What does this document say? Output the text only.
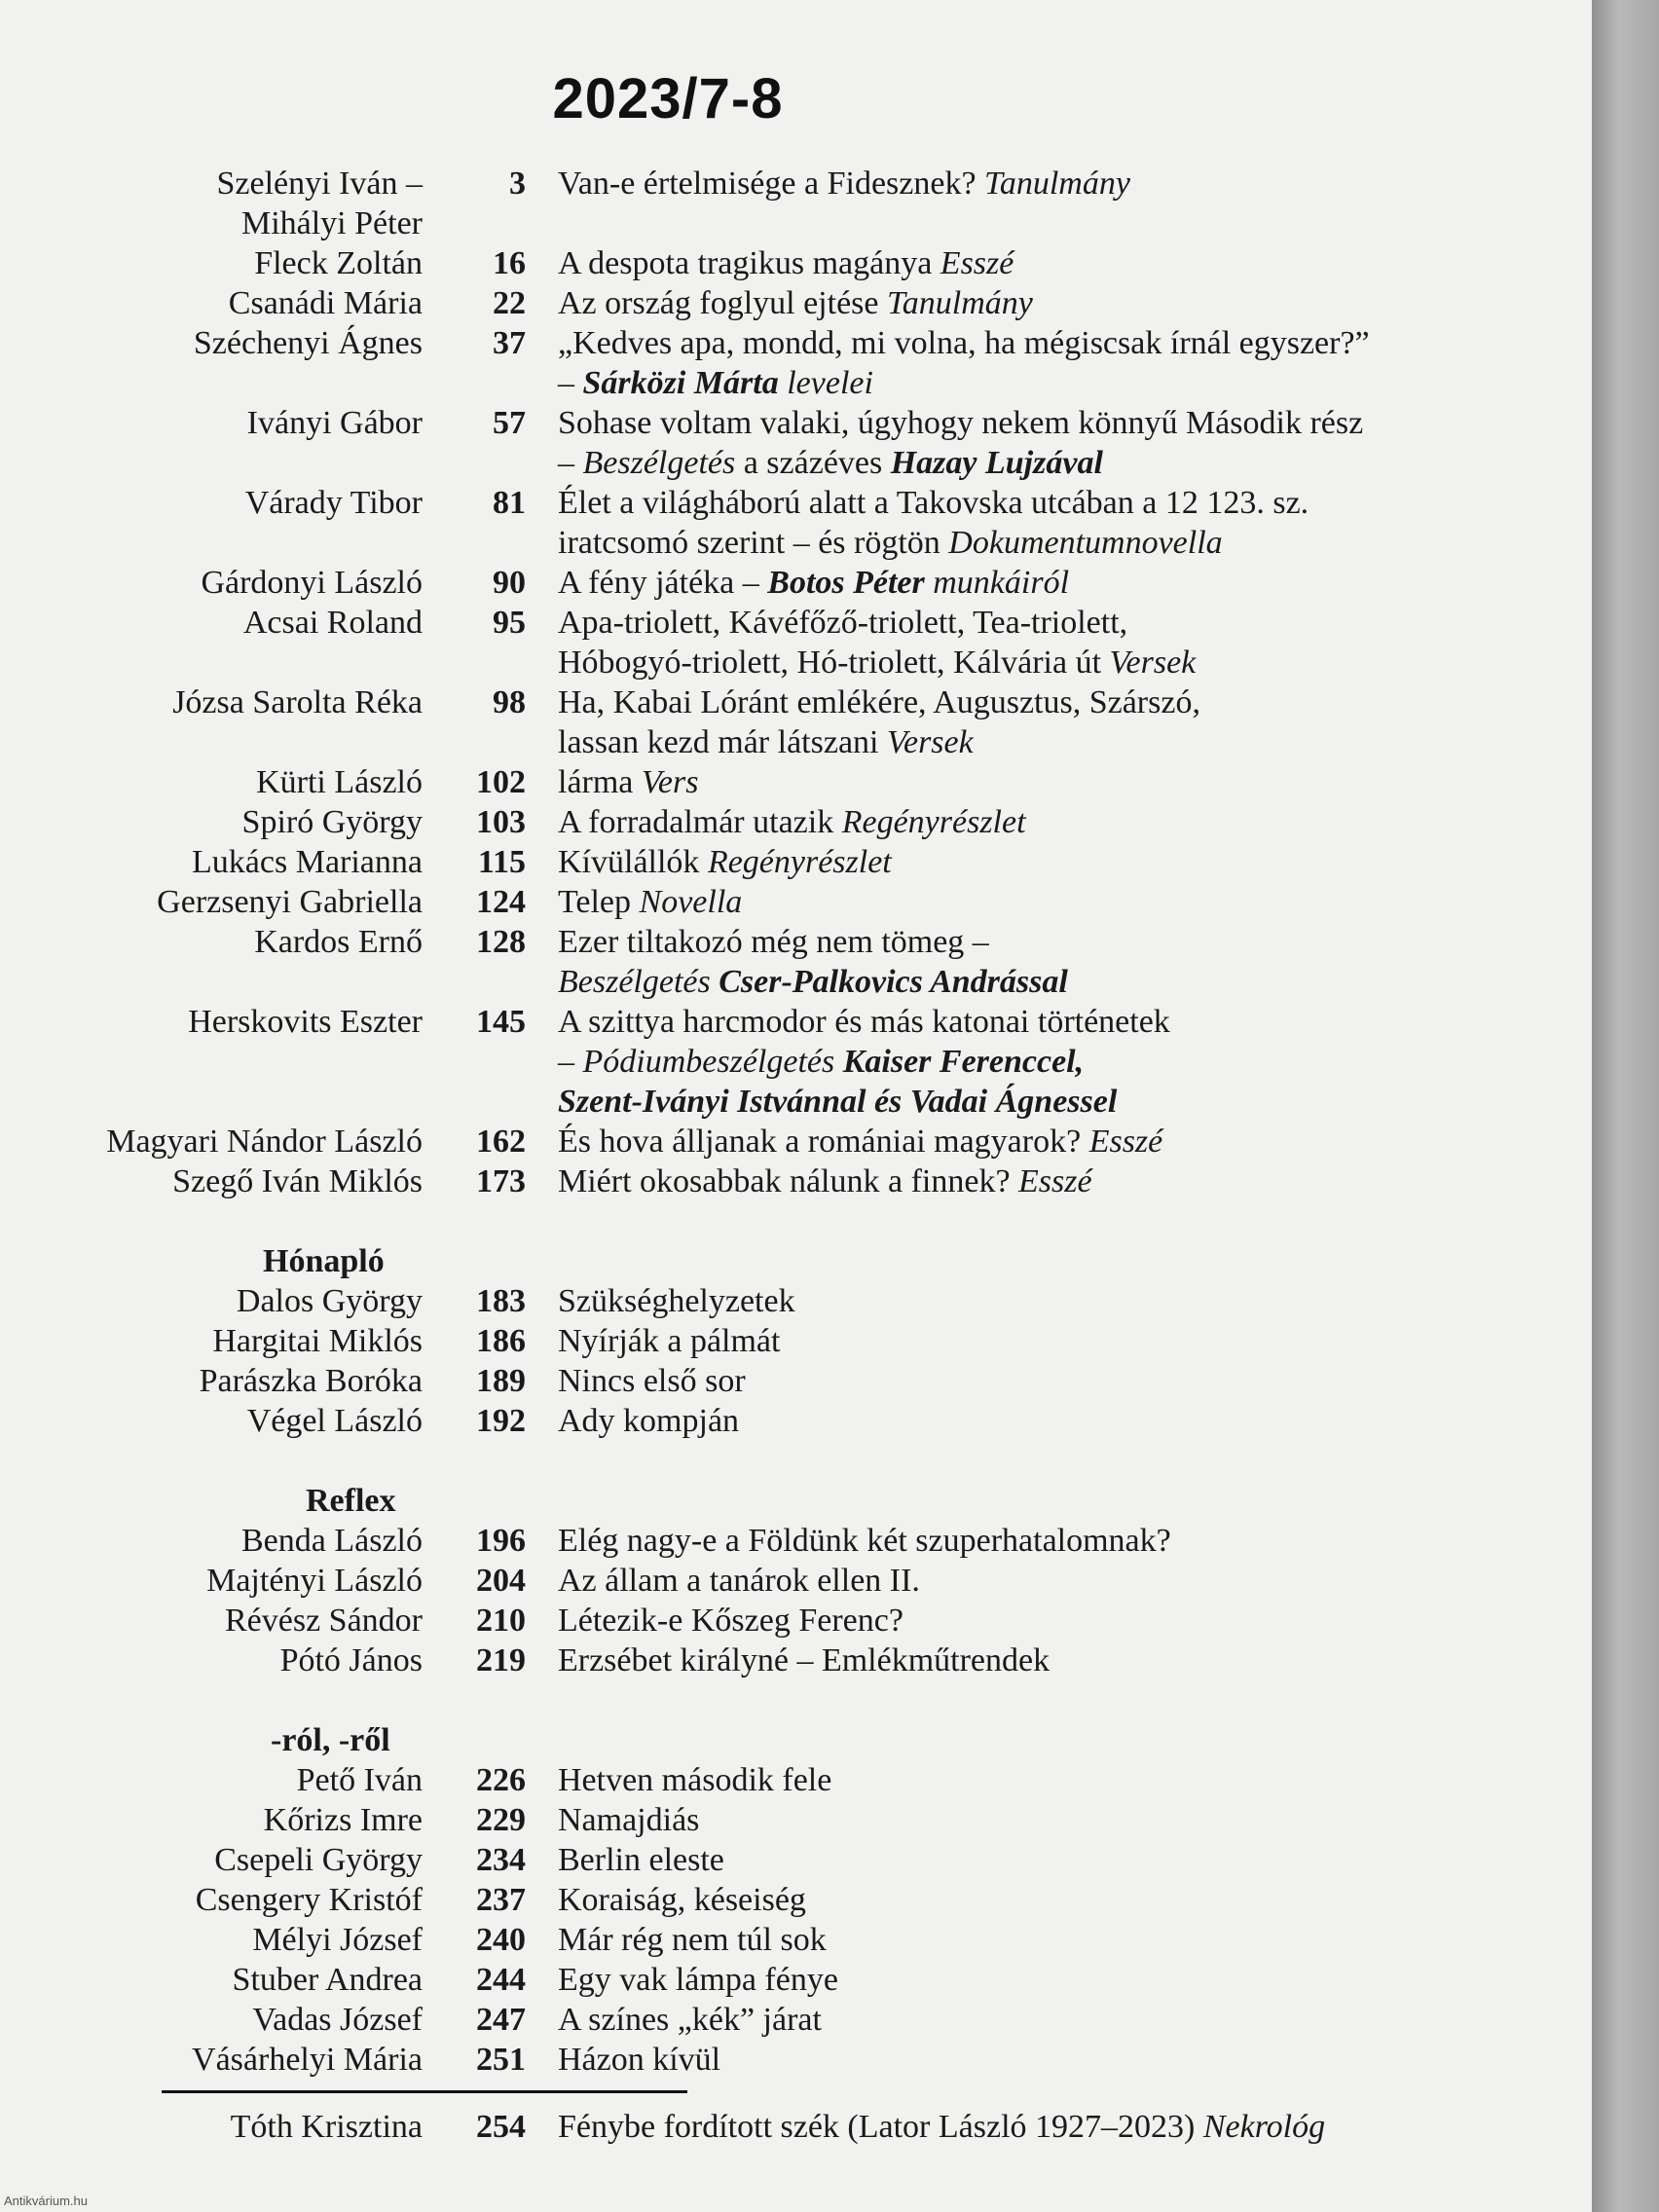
2023/7-8
Szelényi Iván –
Mihályi Péter
3 Van-e értelmisége a Fidesznek? Tanulmány
Fleck Zoltán	16 A despota tragikus magánya Esszé
Csanádi Mária	22 Az ország foglyul ejtése Tanulmány
Széchenyi Ágnes	37 „Kedves apa, mondd, mi volna, ha mégiscsak írnál egyszer?”
– Sárközi Márta levelei
Iványi Gábor	57 Sohase voltam valaki, úgyhogy nekem könnyű Második rész
– Beszélgetés a százéves Hazay Lujzával
Várady Tibor	81 Élet a világháború alatt a Takovska utcában a 12 123. sz.
iratcsomó szerint – és rögtön Dokumentumnovella
Gárdonyi László	90 A fény játéka – Botos Péter munkáiról
Acsai Roland	95 Apa-triolett, Kávéfőző-triolett, Tea-triolett,
Hóbogyó-triolett, Hó-triolett, Kálvária út Versek
Józsa Sarolta Réka	98 Ha, Kabai Lóránt emlékére, Augusztus, Szárszó,
lassan kezd már látszani Versek
Kürti László	102 lárma Vers
Spiró György	103 A forradalmár utazik Regényrészlet
Lukács Marianna	115 Kívülállók Regényrészlet
Gerzsenyi Gabriella	124 Telep Novella
Kardos Ernő	128 Ezer tiltakozó még nem tömeg –
Beszélgetés Cser-Palkovics Andrással
Herskovits Eszter	145 A szittya harcmodor és más katonai történetek
– Pódiumbeszélgetés Kaiser Ferenccel,
Szent-Iványi Istvánnal és Vadai Ágnessel
Magyari Nándor László	162 És hova álljanak a romániai magyarok? Esszé
Szegő Iván Miklós	173 Miért okosabbak nálunk a finnek? Esszé
Hónapló
Dalos György	183 Szükséghelyzetek
Hargitai Miklós	186 Nyírják a pálmát
Parászka Boróka	189 Nincs első sor
Végel László	192 Ady kompján
Reflex
Benda László	196 Elég nagy-e a Földünk két szuperhatalomnak?
Majtényi László	204 Az állam a tanárok ellen II.
Révész Sándor	210 Létezik-e Kőszeg Ferenc?
Pótó János	219 Erzsébet királyné – Emlékműtrendek
-ról, -ről
Pető Iván	226 Hetven második fele
Kőrizs Imre	229 Namajdiás
Csepeli György	234 Berlin eleste
Csengery Kristóf	237 Koraiság, késeiség
Mélyi József	240 Már rég nem túl sok
Stuber Andrea	244 Egy vak lámpa fénye
Vadas József	247 A színes „kék” járat
Vásárhelyi Mária	251 Házon kívül
Tóth Krisztina	254 Fénybe fordított szék (Lator László 1927–2023) Nekrológ
Antikvárium.hu
